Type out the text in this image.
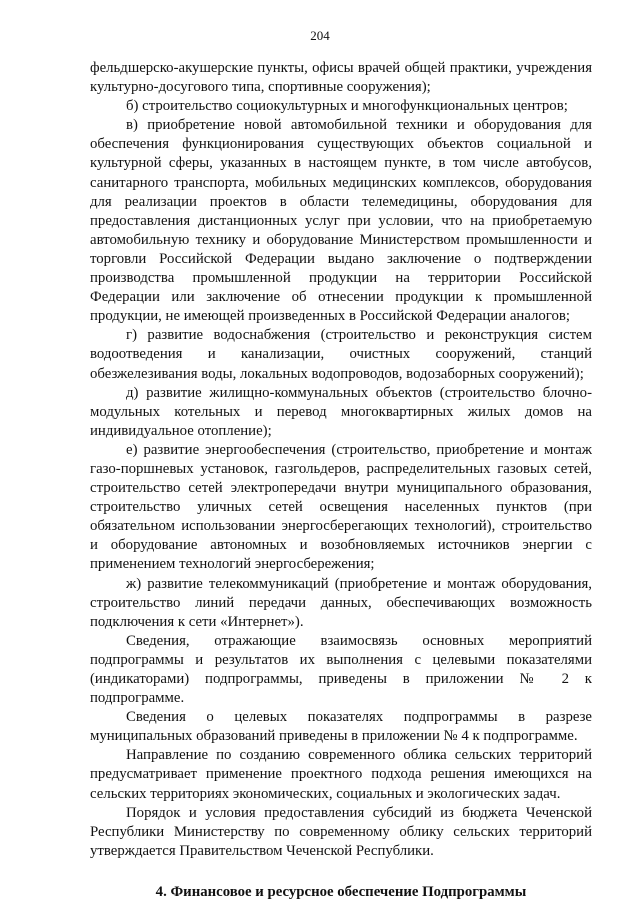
204

фельдшерско-акушерские пункты, офисы врачей общей практики, учреждения культурно-досугового типа, спортивные сооружения);

б) строительство социокультурных и многофункциональных центров;

в) приобретение новой автомобильной техники и оборудования для обеспечения функционирования существующих объектов социальной и культурной сферы, указанных в настоящем пункте, в том числе автобусов, санитарного транспорта, мобильных медицинских комплексов, оборудования для реализации проектов в области телемедицины, оборудования для предоставления дистанционных услуг при условии, что на приобретаемую автомобильную технику и оборудование Министерством промышленности и торговли Российской Федерации выдано заключение о подтверждении производства промышленной продукции на территории Российской Федерации или заключение об отнесении продукции к промышленной продукции, не имеющей произведенных в Российской Федерации аналогов;

г) развитие водоснабжения (строительство и реконструкция систем водоотведения и канализации, очистных сооружений, станций обезжелезивания воды, локальных водопроводов, водозаборных сооружений);

д) развитие жилищно-коммунальных объектов (строительство блочно-модульных котельных и перевод многоквартирных жилых домов на индивидуальное отопление);

е) развитие энергообеспечения (строительство, приобретение и монтаж газо-поршневых установок, газгольдеров, распределительных газовых сетей, строительство сетей электропередачи внутри муниципального образования, строительство уличных сетей освещения населенных пунктов (при обязательном использовании энергосберегающих технологий), строительство и оборудование автономных и возобновляемых источников энергии с применением технологий энергосбережения;

ж) развитие телекоммуникаций (приобретение и монтаж оборудования, строительство линий передачи данных, обеспечивающих возможность подключения к сети «Интернет»).

Сведения, отражающие взаимосвязь основных мероприятий подпрограммы и результатов их выполнения с целевыми показателями (индикаторами) подпрограммы, приведены в приложении № 2 к подпрограмме.

Сведения о целевых показателях подпрограммы в разрезе муниципальных образований приведены в приложении № 4 к подпрограмме.

Направление по созданию современного облика сельских территорий предусматривает применение проектного подхода решения имеющихся на сельских территориях экономических, социальных и экологических задач.

Порядок и условия предоставления субсидий из бюджета Чеченской Республики Министерству по современному облику сельских территорий утверждается Правительством Чеченской Республики.

4. Финансовое и ресурсное обеспечение Подпрограммы
